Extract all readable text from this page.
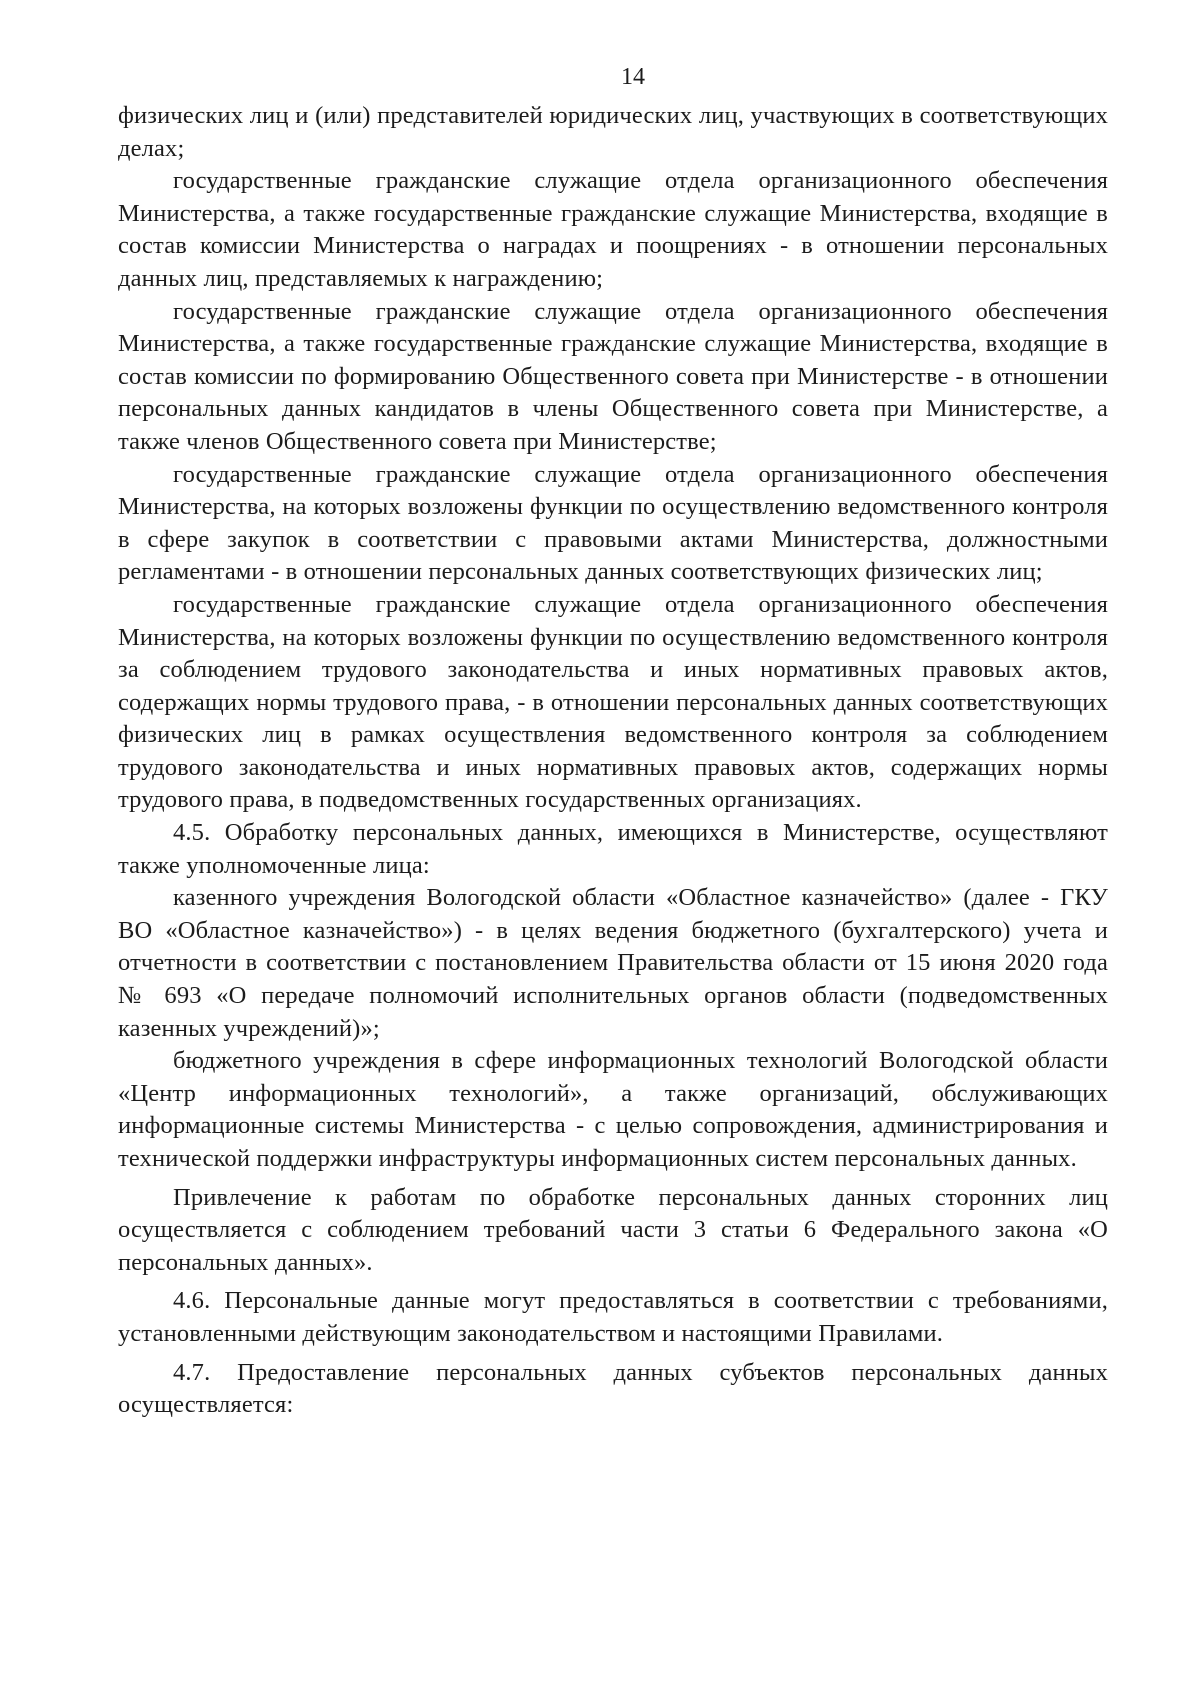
14

физических лиц и (или) представителей юридических лиц, участвующих в соответствующих делах;

государственные гражданские служащие отдела организационного обеспечения Министерства, а также государственные гражданские служащие Министерства, входящие в состав комиссии Министерства о наградах и поощрениях - в отношении персональных данных лиц, представляемых к награждению;

государственные гражданские служащие отдела организационного обеспечения Министерства, а также государственные гражданские служащие Министерства, входящие в состав комиссии по формированию Общественного совета при Министерстве - в отношении персональных данных кандидатов в члены Общественного совета при Министерстве, а также членов Общественного совета при Министерстве;

государственные гражданские служащие отдела организационного обеспечения Министерства, на которых возложены функции по осуществлению ведомственного контроля в сфере закупок в соответствии с правовыми актами Министерства, должностными регламентами - в отношении персональных данных соответствующих физических лиц;

государственные гражданские служащие отдела организационного обеспечения Министерства, на которых возложены функции по осуществлению ведомственного контроля за соблюдением трудового законодательства и иных нормативных правовых актов, содержащих нормы трудового права, - в отношении персональных данных соответствующих физических лиц в рамках осуществления ведомственного контроля за соблюдением трудового законодательства и иных нормативных правовых актов, содержащих нормы трудового права, в подведомственных государственных организациях.

4.5. Обработку персональных данных, имеющихся в Министерстве, осуществляют также уполномоченные лица:

казенного учреждения Вологодской области «Областное казначейство» (далее - ГКУ ВО «Областное казначейство») - в целях ведения бюджетного (бухгалтерского) учета и отчетности в соответствии с постановлением Правительства области от 15 июня 2020 года № 693 «О передаче полномочий исполнительных органов области (подведомственных казенных учреждений)»;

бюджетного учреждения в сфере информационных технологий Вологодской области «Центр информационных технологий», а также организаций, обслуживающих информационные системы Министерства - с целью сопровождения, администрирования и технической поддержки инфраструктуры информационных систем персональных данных.

Привлечение к работам по обработке персональных данных сторонних лиц осуществляется с соблюдением требований части 3 статьи 6 Федерального закона «О персональных данных».

4.6. Персональные данные могут предоставляться в соответствии с требованиями, установленными действующим законодательством и настоящими Правилами.

4.7. Предоставление персональных данных субъектов персональных данных осуществляется:
